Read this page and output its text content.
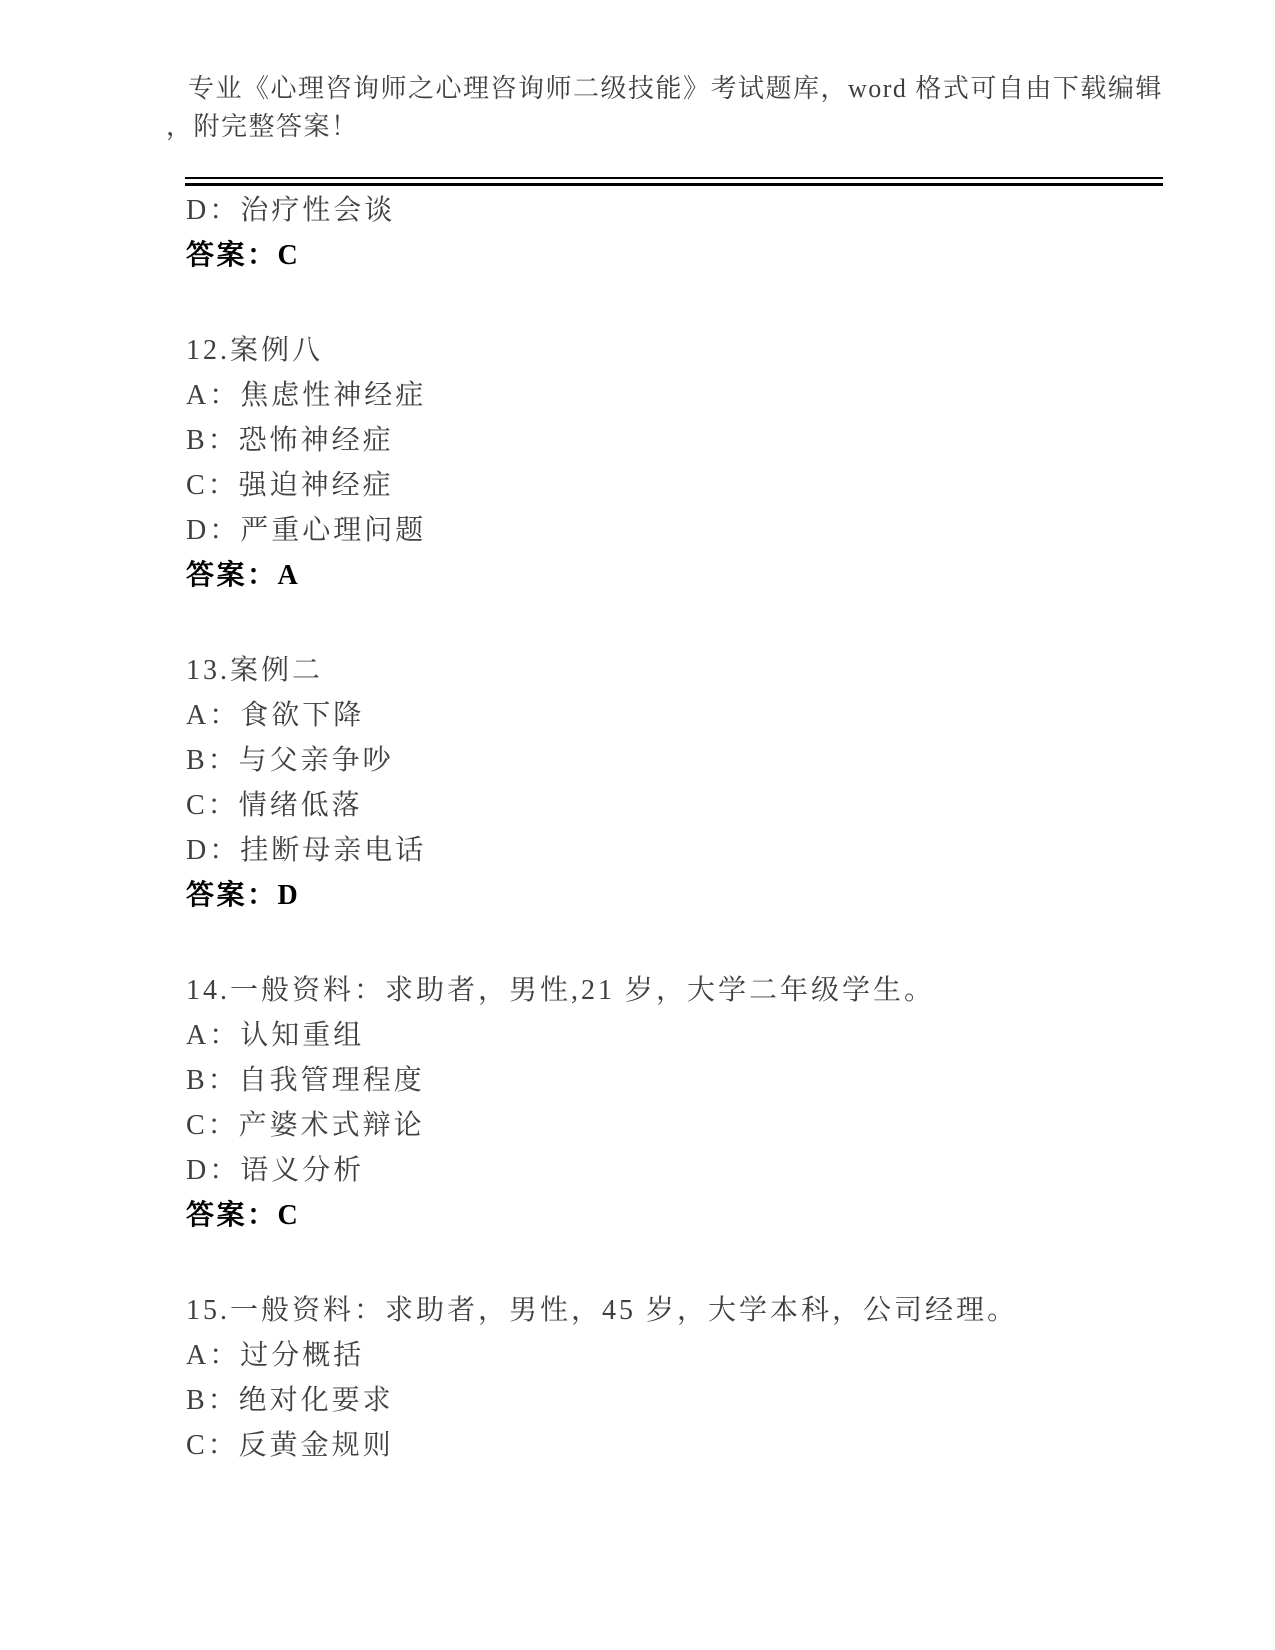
专业《心理咨询师之心理咨询师二级技能》考试题库，word 格式可自由下载编辑

，附完整答案！

D：治疗性会谈

答案：C

12.案例八

A：焦虑性神经症

B：恐怖神经症

C：强迫神经症

D：严重心理问题

答案：A

13.案例二

A：食欲下降

B：与父亲争吵

C：情绪低落

D：挂断母亲电话

答案：D

14.一般资料：求助者，男性,21 岁，大学二年级学生。

A：认知重组

B：自我管理程度

C：产婆术式辩论

D：语义分析

答案：C

15.一般资料：求助者，男性，45 岁，大学本科，公司经理。

A：过分概括

B：绝对化要求

C：反黄金规则
